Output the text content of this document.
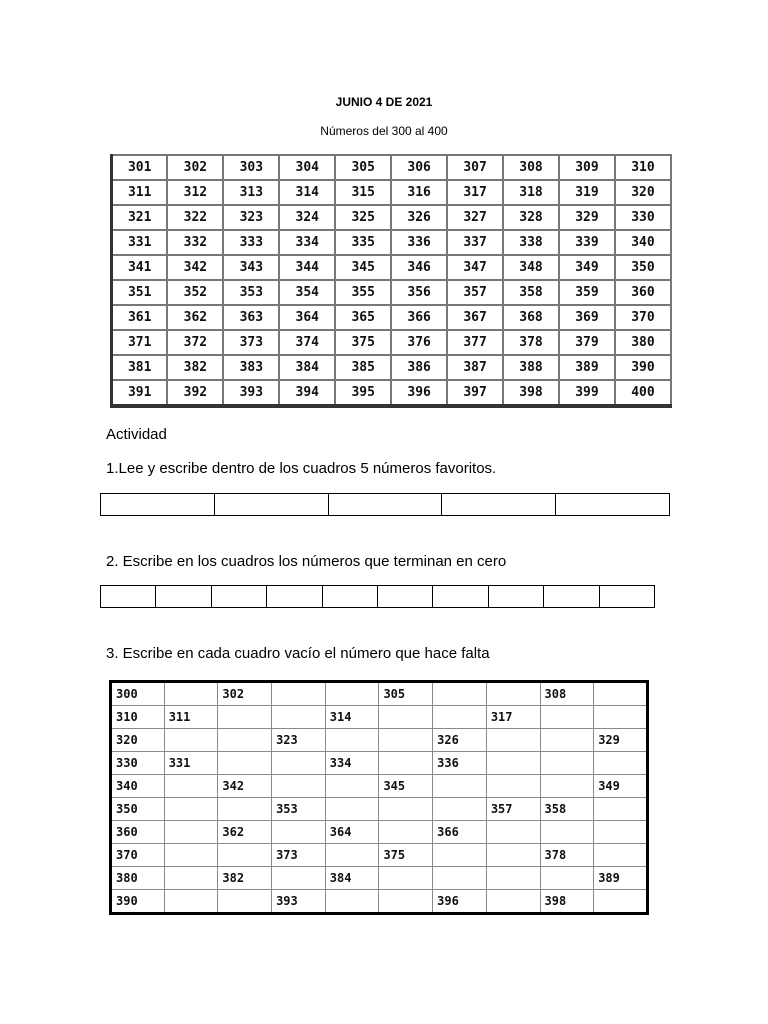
JUNIO 4 DE 2021
Números del 300 al 400
301	302	303	304	305	306	307	308	309	310
311	312	313	314	315	316	317	318	319	320
321	322	323	324	325	326	327	328	329	330
331	332	333	334	335	336	337	338	339	340
341	342	343	344	345	346	347	348	349	350
351	352	353	354	355	356	357	358	359	360
361	362	363	364	365	366	367	368	369	370
371	372	373	374	375	376	377	378	379	380
381	382	383	384	385	386	387	388	389	390
391	392	393	394	395	396	397	398	399	400
Actividad
1.Lee y escribe dentro de los cuadros 5 números favoritos.

2. Escribe en los cuadros los números que terminan en cero

3. Escribe en cada cuadro vacío el número que hace falta
300		302			305			308	
310	311			314			317		
320			323			326			329
330	331			334		336			
340		342			345				349
350			353				357	358	
360		362		364		366			
370			373		375			378	
380		382		384					389
390			393			396		398	
